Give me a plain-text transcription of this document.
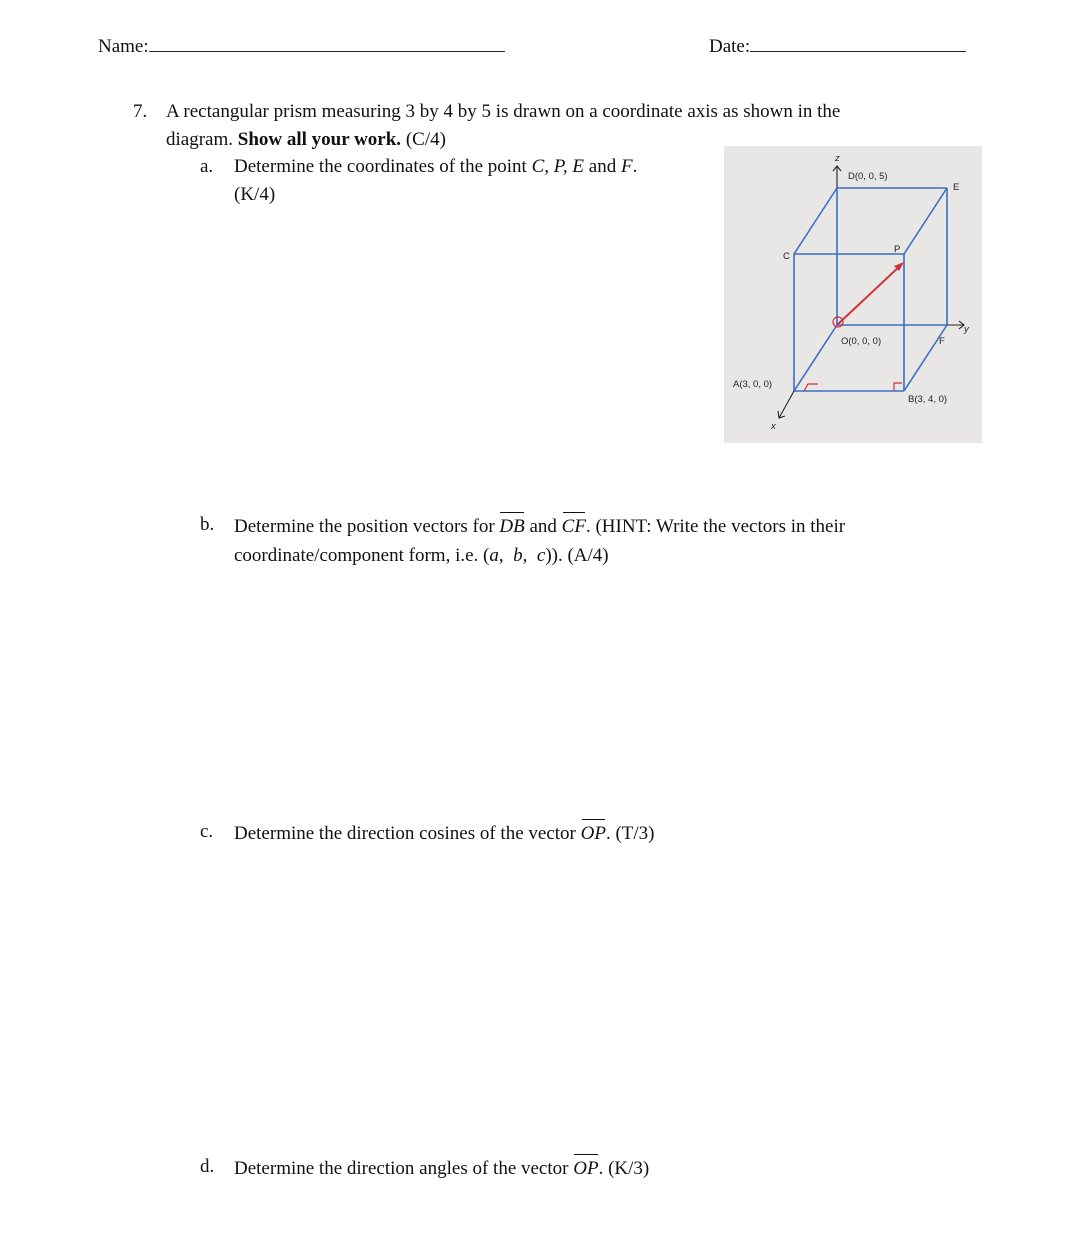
Name:	Date:
7. A rectangular prism measuring 3 by 4 by 5 is drawn on a coordinate axis as shown in the
diagram. Show all your work. (C/4)
a.	Determine the coordinates of the point C, P, E and F.
(K/4)
z
y
x
D(0, 0, 5)
E
C
P
O(0, 0, 0)	F
A(3, 0, 0)
B(3, 4, 0)
b.	Determine the position vectors for DB and CF. (HINT: Write the vectors in their
coordinate/component form, i.e. (a,  b,  c)). (A/4)
c.	Determine the direction cosines of the vector OP. (T/3)
d.	Determine the direction angles of the vector OP. (K/3)
